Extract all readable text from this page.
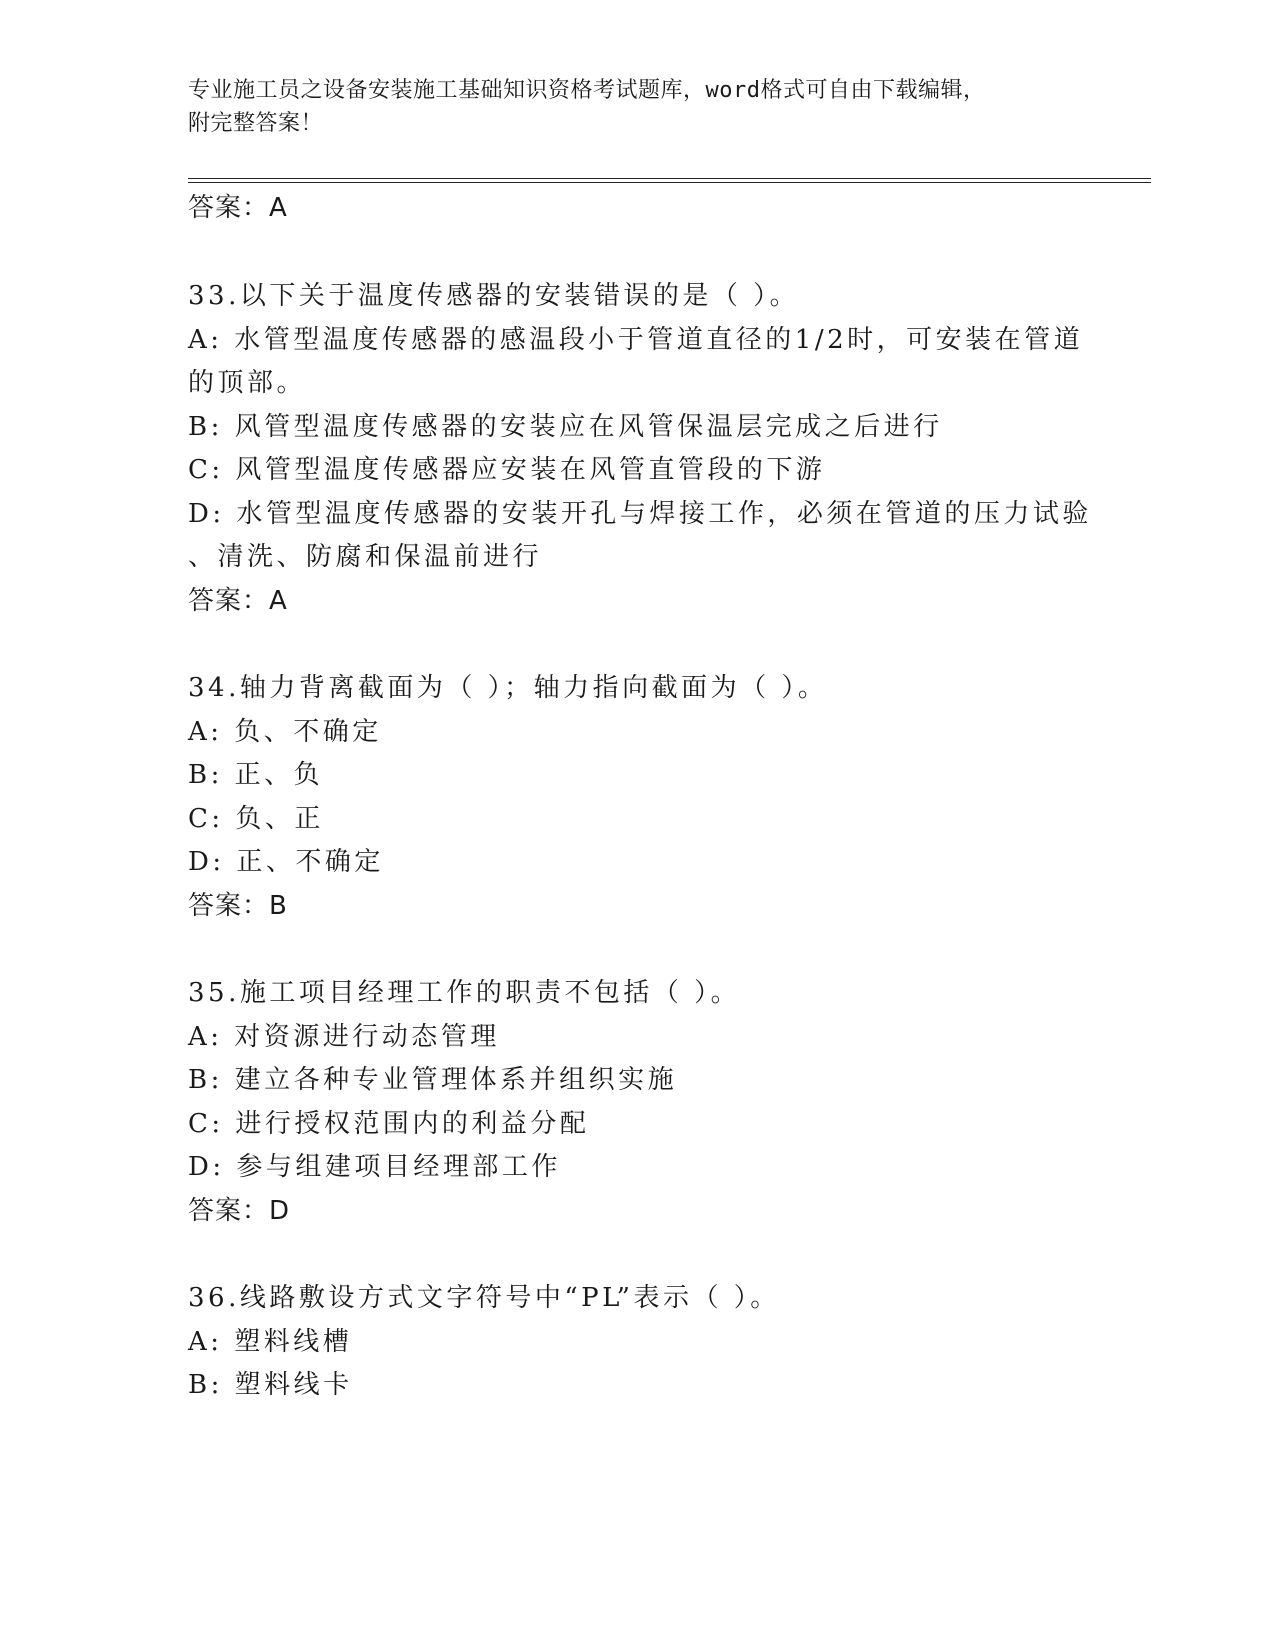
专业施工员之设备安装施工基础知识资格考试题库，word格式可自由下载编辑，
附完整答案！
答案：A
33.以下关于温度传感器的安装错误的是（ ）。
A: 水管型温度传感器的感温段小于管道直径的1/2时，可安装在管道
的顶部。
B: 风管型温度传感器的安装应在风管保温层完成之后进行
C: 风管型温度传感器应安装在风管直管段的下游
D: 水管型温度传感器的安装开孔与焊接工作，必须在管道的压力试验
、清洗、防腐和保温前进行
答案：A
34.轴力背离截面为（ ）；轴力指向截面为（ ）。
A: 负、不确定
B: 正、负
C: 负、正
D: 正、不确定
答案：B
35.施工项目经理工作的职责不包括（ ）。
A: 对资源进行动态管理
B: 建立各种专业管理体系并组织实施
C: 进行授权范围内的利益分配
D: 参与组建项目经理部工作
答案：D
36.线路敷设方式文字符号中“PL”表示（ ）。
A: 塑料线槽
B: 塑料线卡
